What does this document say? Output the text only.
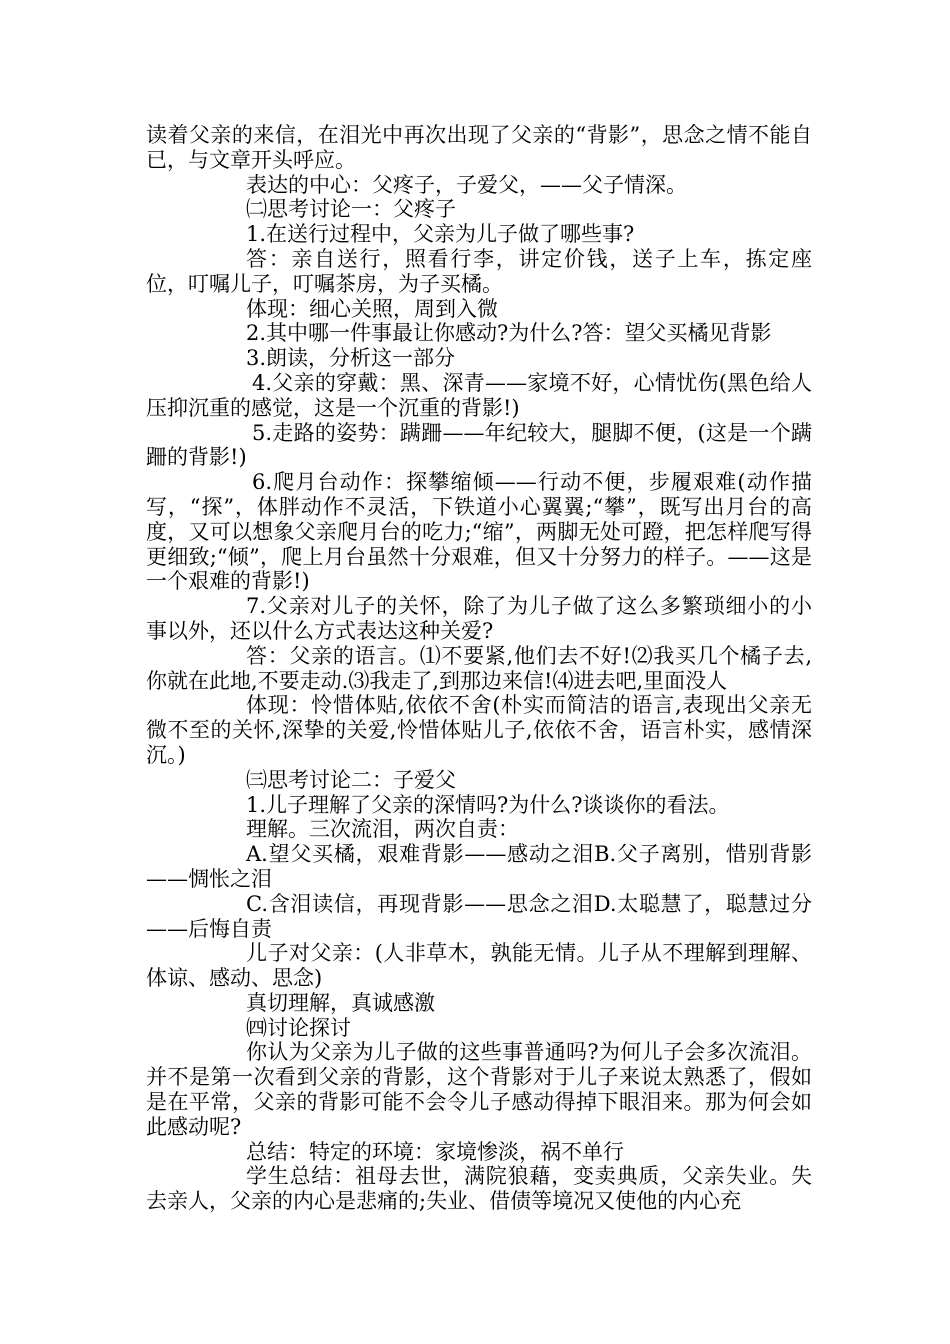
读着父亲的来信，在泪光中再次出现了父亲的“背影”，思念之情不能自已，与文章开头呼应。

表达的中心：父疼子，子爱父，——父子情深。

㈡思考讨论一：父疼子

1.在送行过程中，父亲为儿子做了哪些事?

答：亲自送行，照看行李，讲定价钱，送子上车，拣定座位，叮嘱儿子，叮嘱茶房，为子买橘。

体现：细心关照，周到入微

2.其中哪一件事最让你感动?为什么?答：望父买橘见背影

3.朗读，分析这一部分

4.父亲的穿戴：黑、深青——家境不好，心情忧伤(黑色给人压抑沉重的感觉，这是一个沉重的背影!)

5.走路的姿势：蹒跚——年纪较大，腿脚不便，(这是一个蹒跚的背影!)

6.爬月台动作：探攀缩倾——行动不便，步履艰难(动作描写，“探”，体胖动作不灵活，下铁道小心翼翼;“攀”，既写出月台的高度，又可以想象父亲爬月台的吃力;“缩”，两脚无处可蹬，把怎样爬写得更细致;“倾”，爬上月台虽然十分艰难，但又十分努力的样子。——这是一个艰难的背影!)

7.父亲对儿子的关怀，除了为儿子做了这么多繁琐细小的小事以外，还以什么方式表达这种关爱?

答：父亲的语言。⑴不要紧,他们去不好!⑵我买几个橘子去,你就在此地,不要走动.⑶我走了,到那边来信!⑷进去吧,里面没人

体现：怜惜体贴,依依不舍(朴实而简洁的语言,表现出父亲无微不至的关怀,深挚的关爱,怜惜体贴儿子,依依不舍，语言朴实，感情深沉。)

㈢思考讨论二：子爱父

1.儿子理解了父亲的深情吗?为什么?谈谈你的看法。

理解。三次流泪，两次自责：

A.望父买橘，艰难背影——感动之泪B.父子离别，惜别背影——惆怅之泪

C.含泪读信，再现背影——思念之泪D.太聪慧了，聪慧过分——后悔自责

儿子对父亲：(人非草木，孰能无情。儿子从不理解到理解、体谅、感动、思念)

真切理解，真诚感激

㈣讨论探讨

你认为父亲为儿子做的这些事普通吗?为何儿子会多次流泪。并不是第一次看到父亲的背影，这个背影对于儿子来说太熟悉了，假如是在平常，父亲的背影可能不会令儿子感动得掉下眼泪来。那为何会如此感动呢?

总结：特定的环境：家境惨淡，祸不单行

学生总结：祖母去世，满院狼藉，变卖典质，父亲失业。失去亲人，父亲的内心是悲痛的;失业、借债等境况又使他的内心充
